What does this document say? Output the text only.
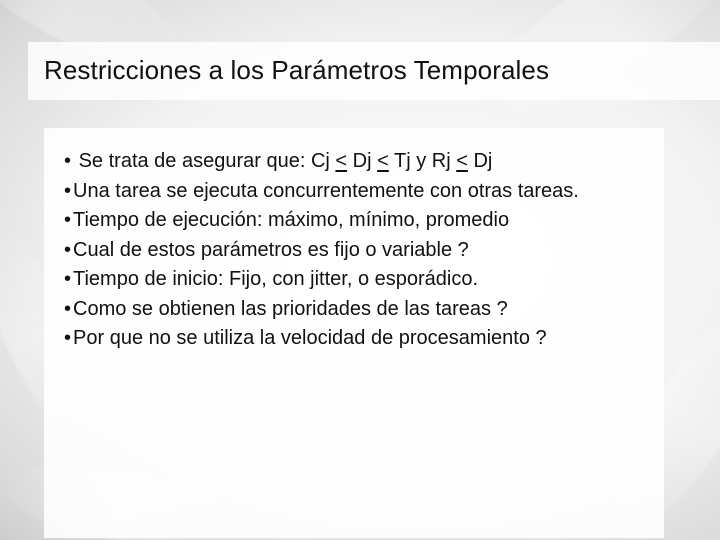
Restricciones a los Parámetros Temporales
• Se trata de asegurar que: Cj < Dj < Tj y Rj < Dj
• Una tarea se ejecuta concurrentemente con otras tareas.
• Tiempo de ejecución: máximo, mínimo, promedio
• Cual de estos parámetros es fijo o variable ?
• Tiempo de inicio: Fijo, con jitter, o esporádico.
• Como se obtienen las prioridades de las tareas ?
• Por que no se utiliza la velocidad de procesamiento ?
